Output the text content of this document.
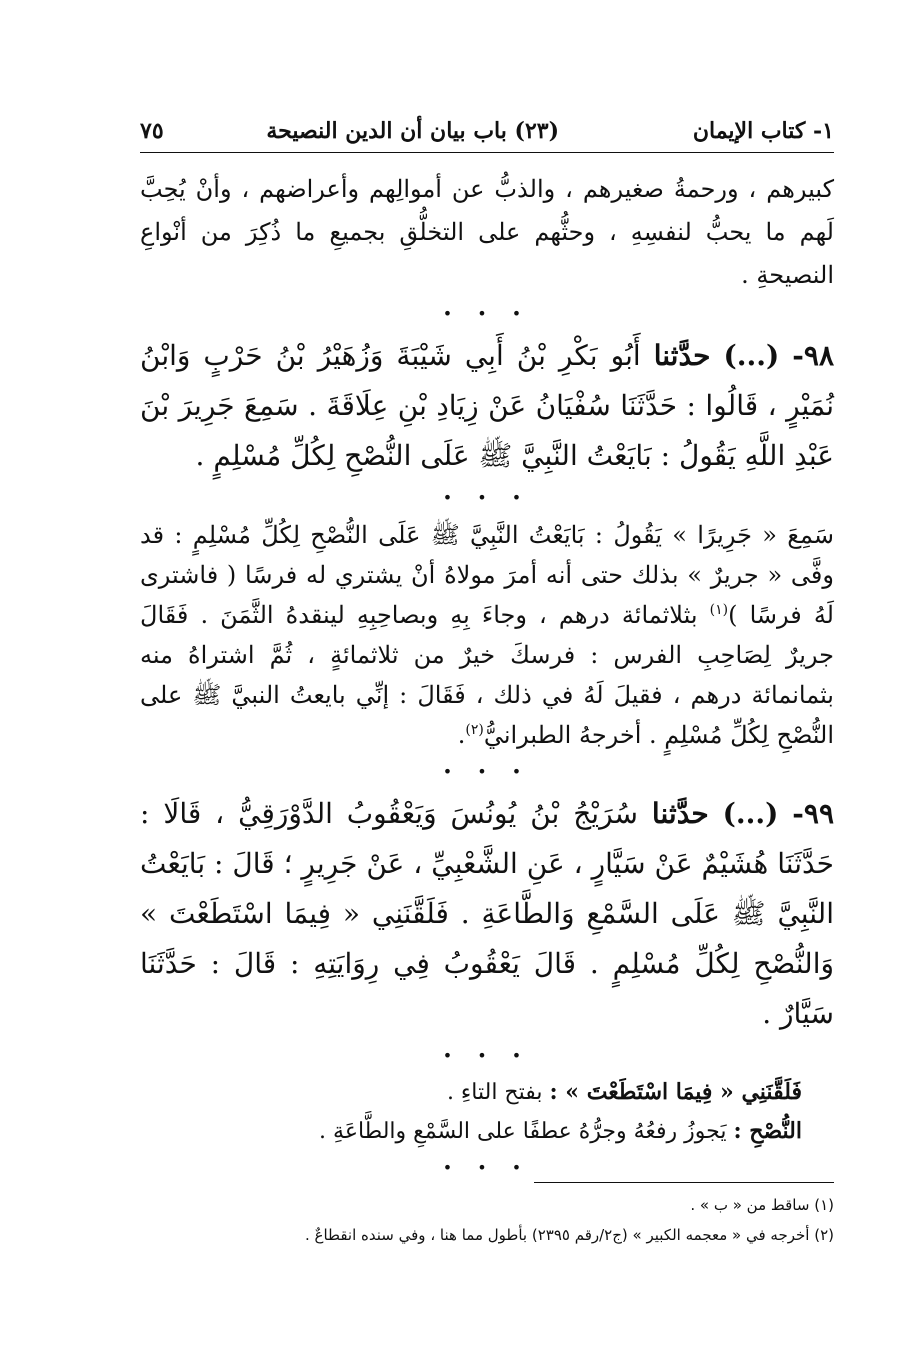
١- كتاب الإيمان
(٢٣) باب بيان أن الدين النصيحة
٧٥

كبيرهم ، ورحمةُ صغيرهم ، والذبُّ عن أموالِهم وأعراضهم ، وأنْ يُحِبَّ لَهم ما يحبُّ لنفسِهِ ، وحثُّهم على التخلُّقِ بجميعِ ما ذُكِرَ من أنْواعِ النصيحةِ .

• • •

٩٨- (...) حدَّثنا أَبُو بَكْرِ بْنُ أَبِي شَيْبَةَ وَزُهَيْرُ بْنُ حَرْبٍ وَابْنُ نُمَيْرٍ ، قَالُوا : حَدَّثَنَا سُفْيَانُ عَنْ زِيَادِ بْنِ عِلَاقَةَ . سَمِعَ جَرِيرَ بْنَ عَبْدِ اللَّهِ يَقُولُ : بَايَعْتُ النَّبِيَّ ﷺ عَلَى النُّصْحِ لِكُلِّ مُسْلِمٍ .

• • •

سَمِعَ « جَرِيرًا » يَقُولُ : بَايَعْتُ النَّبِيَّ ﷺ عَلَى النُّصْحِ لِكُلِّ مُسْلِمٍ : قد وفَّى « جريرٌ » بذلك حتى أنه أمرَ مولاهُ أنْ يشتري له فرسًا ( فاشترى لَهُ فرسًا )$^{(١)}$ بثلاثمائة درهم ، وجاءَ بِهِ وبصاحِبِهِ لينقدهُ الثَّمَنَ . فَقَالَ جريرٌ لِصَاحِبِ الفرس : فرسكَ خيرٌ من ثلاثمائةٍ ، ثُمَّ اشتراهُ منه بثمانمائة درهم ، فقيلَ لَهُ في ذلك ، فَقَالَ : إنِّي بايعتُ النبيَّ ﷺ على النُّصْحِ لِكُلِّ مُسْلِمٍ . أخرجهُ الطبرانيُّ$^{(٢)}$.

• • •

٩٩- (...) حدَّثنا سُرَيْجُ بْنُ يُونُسَ وَيَعْقُوبُ الدَّوْرَقِيُّ ، قَالَا : حَدَّثَنَا هُشَيْمٌ عَنْ سَيَّارٍ ، عَنِ الشَّعْبِيِّ ، عَنْ جَرِيرٍ ؛ قَالَ : بَايَعْتُ النَّبِيَّ ﷺ عَلَى السَّمْعِ وَالطَّاعَةِ . فَلَقَّنَنِي « فِيمَا اسْتَطَعْتَ » وَالنُّصْحِ لِكُلِّ مُسْلِمٍ . قَالَ يَعْقُوبُ فِي رِوَايَتِهِ : قَالَ : حَدَّثَنَا سَيَّارٌ .

• • •

فَلَقَّنَنِي « فِيمَا اسْتَطَعْتَ » : بفتح التاءِ .

النُّصْحِ : يَجوزُ رفعُهُ وجرُّهُ عطفًا على السَّمْعِ والطَّاعَةِ .

• • •
(١) ساقط من « ب » .
(٢) أخرجه في « معجمه الكبير » (ج٢/رقم ٢٣٩٥) بأطول مما هنا ، وفي سنده انقطاعٌ .
